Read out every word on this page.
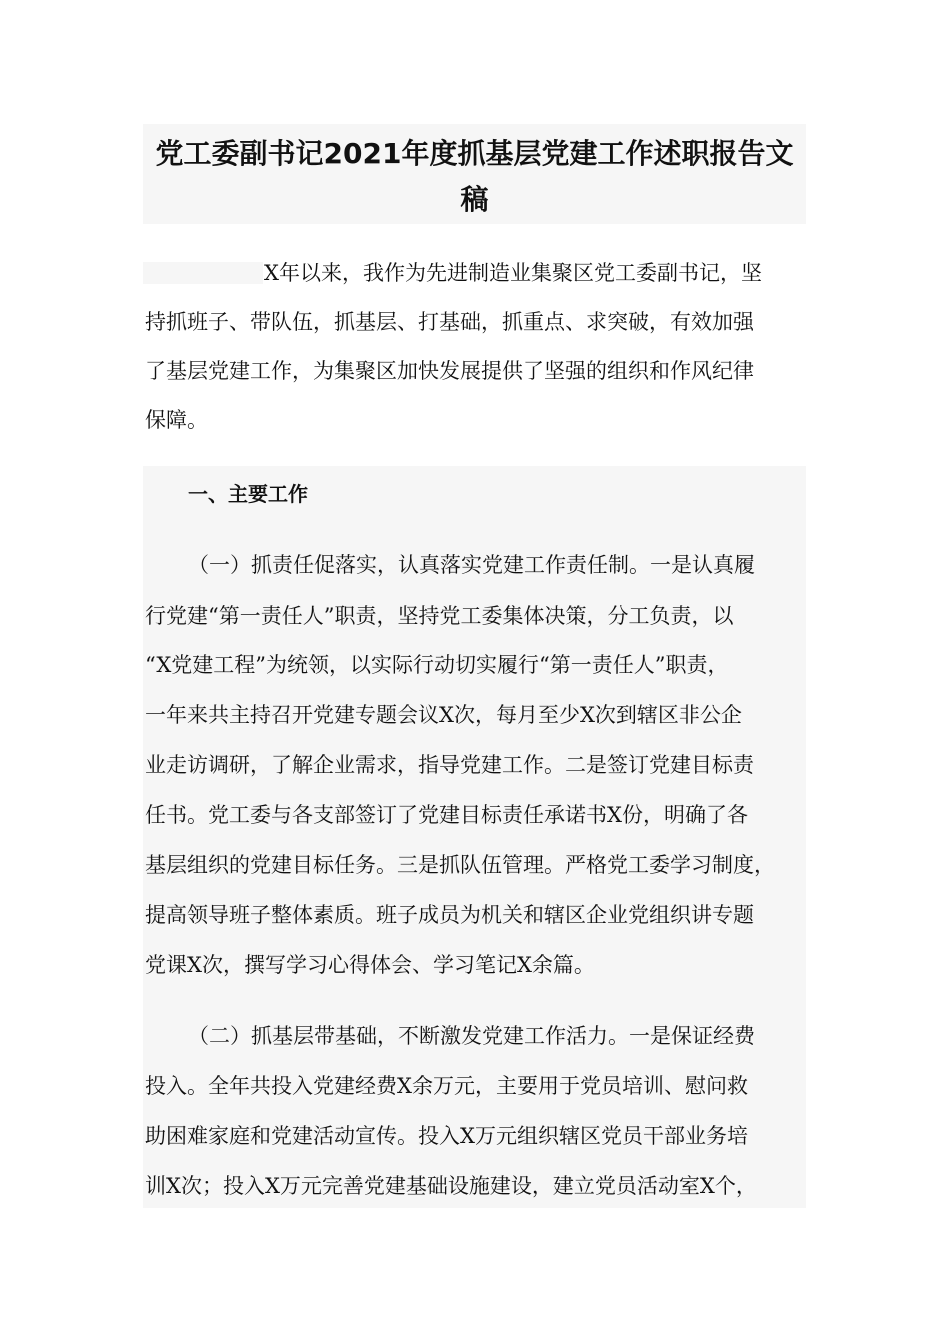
党工委副书记2021年度抓基层党建工作述职报告文
稿
X年以来，我作为先进制造业集聚区党工委副书记，坚
持抓班子、带队伍，抓基层、打基础，抓重点、求突破，有效加强
了基层党建工作，为集聚区加快发展提供了坚强的组织和作风纪律
保障。
一、主要工作
（一）抓责任促落实，认真落实党建工作责任制。一是认真履
行党建“第一责任人”职责，坚持党工委集体决策，分工负责，以
“X党建工程”为统领，以实际行动切实履行“第一责任人”职责，
一年来共主持召开党建专题会议X次，每月至少X次到辖区非公企
业走访调研，了解企业需求，指导党建工作。二是签订党建目标责
任书。党工委与各支部签订了党建目标责任承诺书X份，明确了各
基层组织的党建目标任务。三是抓队伍管理。严格党工委学习制度，
提高领导班子整体素质。班子成员为机关和辖区企业党组织讲专题
党课X次，撰写学习心得体会、学习笔记X余篇。
（二）抓基层带基础，不断激发党建工作活力。一是保证经费
投入。全年共投入党建经费X余万元，主要用于党员培训、慰问救
助困难家庭和党建活动宣传。投入X万元组织辖区党员干部业务培
训X次；投入X万元完善党建基础设施建设，建立党员活动室X个，
